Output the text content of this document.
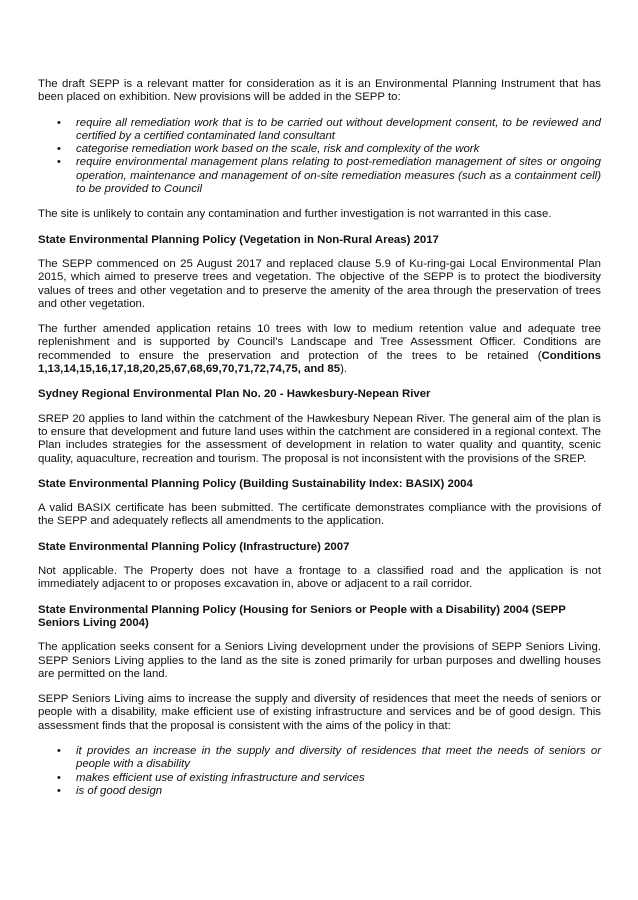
The draft SEPP is a relevant matter for consideration as it is an Environmental Planning Instrument that has been placed on exhibition. New provisions will be added in the SEPP to:

• require all remediation work that is to be carried out without development consent, to be reviewed and certified by a certified contaminated land consultant
• categorise remediation work based on the scale, risk and complexity of the work
• require environmental management plans relating to post-remediation management of sites or ongoing operation, maintenance and management of on-site remediation measures (such as a containment cell) to be provided to Council

The site is unlikely to contain any contamination and further investigation is not warranted in this case.

State Environmental Planning Policy (Vegetation in Non-Rural Areas) 2017

The SEPP commenced on 25 August 2017 and replaced clause 5.9 of Ku-ring-gai Local Environmental Plan 2015, which aimed to preserve trees and vegetation. The objective of the SEPP is to protect the biodiversity values of trees and other vegetation and to preserve the amenity of the area through the preservation of trees and other vegetation.

The further amended application retains 10 trees with low to medium retention value and adequate tree replenishment and is supported by Council’s Landscape and Tree Assessment Officer. Conditions are recommended to ensure the preservation and protection of the trees to be retained (Conditions 1,13,14,15,16,17,18,20,25,67,68,69,70,71,72,74,75, and 85).

Sydney Regional Environmental Plan No. 20 - Hawkesbury-Nepean River

SREP 20 applies to land within the catchment of the Hawkesbury Nepean River. The general aim of the plan is to ensure that development and future land uses within the catchment are considered in a regional context. The Plan includes strategies for the assessment of development in relation to water quality and quantity, scenic quality, aquaculture, recreation and tourism. The proposal is not inconsistent with the provisions of the SREP.

State Environmental Planning Policy (Building Sustainability Index: BASIX) 2004

A valid BASIX certificate has been submitted. The certificate demonstrates compliance with the provisions of the SEPP and adequately reflects all amendments to the application.

State Environmental Planning Policy (Infrastructure) 2007

Not applicable. The Property does not have a frontage to a classified road and the application is not immediately adjacent to or proposes excavation in, above or adjacent to a rail corridor.

State Environmental Planning Policy (Housing for Seniors or People with a Disability) 2004 (SEPP Seniors Living 2004)

The application seeks consent for a Seniors Living development under the provisions of SEPP Seniors Living. SEPP Seniors Living applies to the land as the site is zoned primarily for urban purposes and dwelling houses are permitted on the land.

SEPP Seniors Living aims to increase the supply and diversity of residences that meet the needs of seniors or people with a disability, make efficient use of existing infrastructure and services and be of good design. This assessment finds that the proposal is consistent with the aims of the policy in that:

• it provides an increase in the supply and diversity of residences that meet the needs of seniors or people with a disability
• makes efficient use of existing infrastructure and services
• is of good design
